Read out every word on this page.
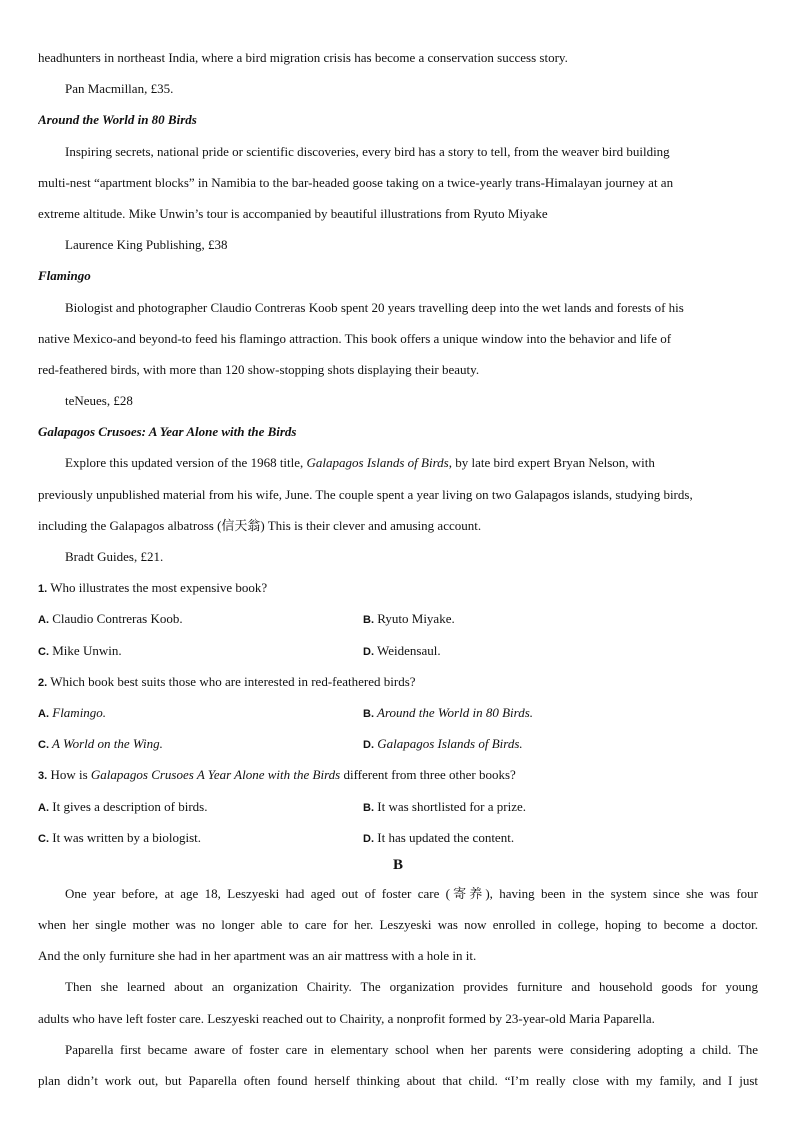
headhunters in northeast India, where a bird migration crisis has become a conservation success story.
Pan Macmillan, £35.
Around the World in 80 Birds
Inspiring secrets, national pride or scientific discoveries, every bird has a story to tell, from the weaver bird building
multi-nest “apartment blocks” in Namibia to the bar-headed goose taking on a twice-yearly trans-Himalayan journey at an
extreme altitude. Mike Unwin’s tour is accompanied by beautiful illustrations from Ryuto Miyake
Laurence King Publishing, £38
Flamingo
Biologist and photographer Claudio Contreras Koob spent 20 years travelling deep into the wet lands and forests of his
native Mexico-and beyond-to feed his flamingo attraction. This book offers a unique window into the behavior and life of
red-feathered birds, with more than 120 show-stopping shots displaying their beauty.
teNeues, £28
Galapagos Crusoes: A Year Alone with the Birds
Explore this updated version of the 1968 title, Galapagos Islands of Birds, by late bird expert Bryan Nelson, with
previously unpublished material from his wife, June. The couple spent a year living on two Galapagos islands, studying birds,
including the Galapagos albatross (信天翁) This is their clever and amusing account.
Bradt Guides, £21.
1. Who illustrates the most expensive book?
A. Claudio Contreras Koob.	B. Ryuto Miyake.
C. Mike Unwin.	D. Weidensaul.
2. Which book best suits those who are interested in red-feathered birds?
A. Flamingo.	B. Around the World in 80 Birds.
C. A World on the Wing.	D. Galapagos Islands of Birds.
3. How is Galapagos Crusoes A Year Alone with the Birds different from three other books?
A. It gives a description of birds.	B. It was shortlisted for a prize.
C. It was written by a biologist.	D. It has updated the content.
B
One year before, at age 18, Leszyeski had aged out of foster care (寄养), having been in the system since she was four
when her single mother was no longer able to care for her. Leszyeski was now enrolled in college, hoping to become a doctor.
And the only furniture she had in her apartment was an air mattress with a hole in it.
Then she learned about an organization Chairity. The organization provides furniture and household goods for young
adults who have left foster care. Leszyeski reached out to Chairity, a nonprofit formed by 23-year-old Maria Paparella.
Paparella first became aware of foster care in elementary school when her parents were considering adopting a child. The
plan didn’t work out, but Paparella often found herself thinking about that child. “I’m really close with my family, and I just
